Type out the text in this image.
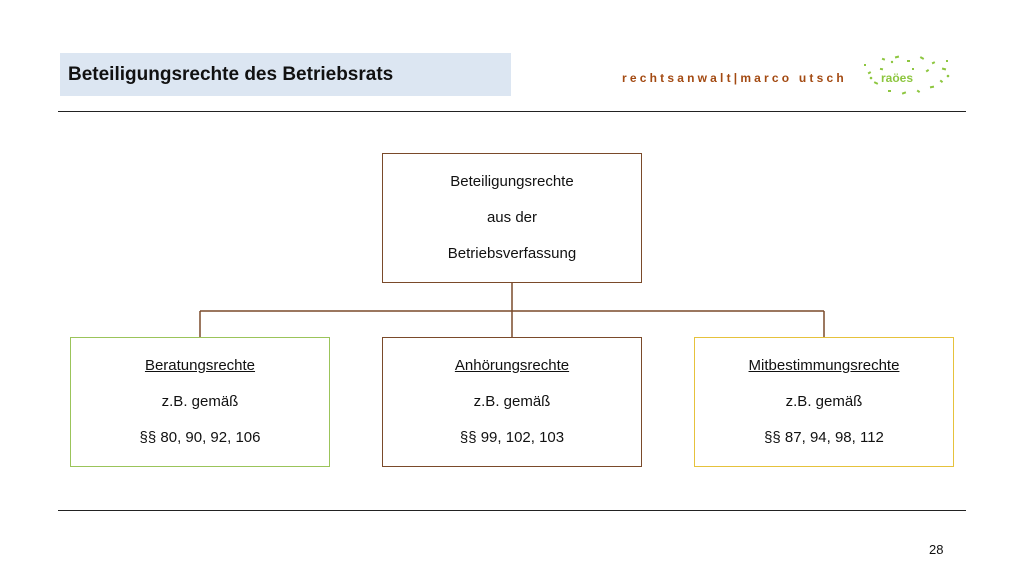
Beteiligungsrechte des Betriebsrats	rechtsanwalt|marco utsch	raöes
Beteiligungsrechte
aus der
Betriebsverfassung
Beratungsrechte
z.B. gemäß
§§ 80, 90, 92, 106
Anhörungsrechte
z.B. gemäß
§§ 99, 102, 103
Mitbestimmungsrechte
z.B. gemäß
§§ 87, 94, 98, 112
28
